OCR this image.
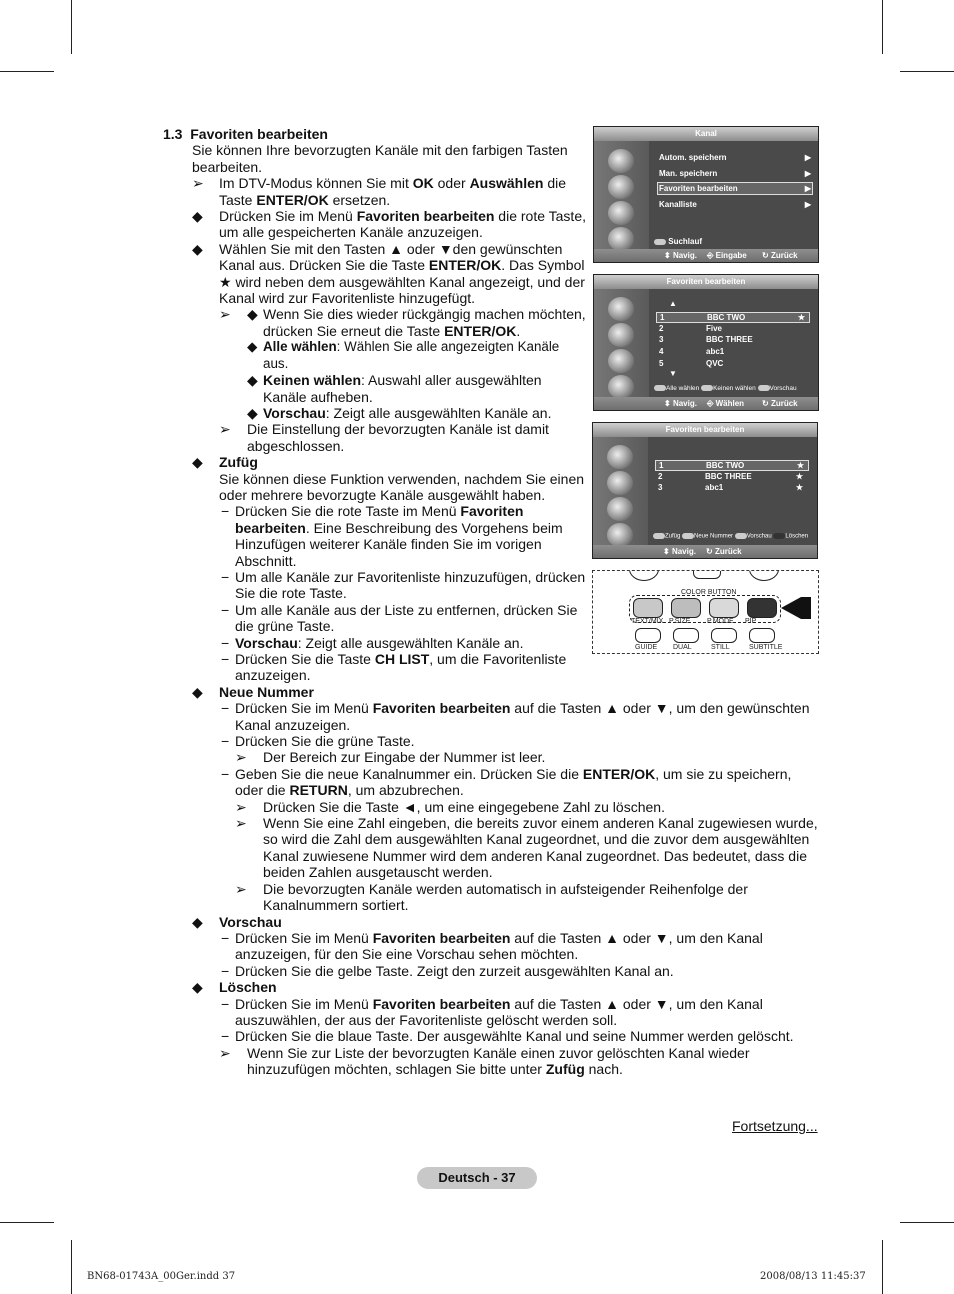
1.3 Favoriten bearbeiten

Sie können Ihre bevorzugten Kanäle mit den farbigen Tasten bearbeiten.

➢ Im DTV-Modus können Sie mit OK oder Auswählen die Taste ENTER/OK ersetzen.

◆ Drücken Sie im Menü Favoriten bearbeiten die rote Taste, um alle gespeicherten Kanäle anzuzeigen.

◆ Wählen Sie mit den Tasten ▲ oder ▼den gewünschten Kanal aus. Drücken Sie die Taste ENTER/OK. Das Symbol ★ wird neben dem ausgewählten Kanal angezeigt, und der Kanal wird zur Favoritenliste hinzugefügt.

➢ ◆ Wenn Sie dies wieder rückgängig machen möchten, drücken Sie erneut die Taste ENTER/OK.

◆ Alle wählen: Wählen Sie alle angezeigten Kanäle aus.

◆ Keinen wählen: Auswahl aller ausgewählten Kanäle aufheben.

◆ Vorschau: Zeigt alle ausgewählten Kanäle an.

➢ Die Einstellung der bevorzugten Kanäle ist damit abgeschlossen.

◆ Zufüg

Sie können diese Funktion verwenden, nachdem Sie einen oder mehrere bevorzugte Kanäle ausgewählt haben.

− Drücken Sie die rote Taste im Menü Favoriten bearbeiten. Eine Beschreibung des Vorgehens beim Hinzufügen weiterer Kanäle finden Sie im vorigen Abschnitt.

− Um alle Kanäle zur Favoritenliste hinzuzufügen, drücken Sie die rote Taste.

− Um alle Kanäle aus der Liste zu entfernen, drücken Sie die grüne Taste.

− Vorschau: Zeigt alle ausgewählten Kanäle an.

− Drücken Sie die Taste CH LIST, um die Favoritenliste anzuzeigen.

◆ Neue Nummer

− Drücken Sie im Menü Favoriten bearbeiten auf die Tasten ▲ oder ▼, um den gewünschten Kanal anzuzeigen.

− Drücken Sie die grüne Taste.

➢ Der Bereich zur Eingabe der Nummer ist leer.

− Geben Sie die neue Kanalnummer ein. Drücken Sie die ENTER/OK, um sie zu speichern, oder die RETURN, um abzubrechen.

➢ Drücken Sie die Taste ◄, um eine eingegebene Zahl zu löschen.

➢ Wenn Sie eine Zahl eingeben, die bereits zuvor einem anderen Kanal zugewiesen wurde, so wird die Zahl dem ausgewählten Kanal zugeordnet, und die zuvor dem ausgewählten Kanal zuwiesene Nummer wird dem anderen Kanal zugeordnet. Das bedeutet, dass die beiden Zahlen ausgetauscht werden.

➢ Die bevorzugten Kanäle werden automatisch in aufsteigender Reihenfolge der Kanalnummern sortiert.

◆ Vorschau

− Drücken Sie im Menü Favoriten bearbeiten auf die Tasten ▲ oder ▼, um den Kanal anzuzeigen, für den Sie eine Vorschau sehen möchten.

− Drücken Sie die gelbe Taste. Zeigt den zurzeit ausgewählten Kanal an.

◆ Löschen

− Drücken Sie im Menü Favoriten bearbeiten auf die Tasten ▲ oder ▼, um den Kanal auszuwählen, der aus der Favoritenliste gelöscht werden soll.

− Drücken Sie die blaue Taste. Der ausgewählte Kanal und seine Nummer werden gelöscht.

➢ Wenn Sie zur Liste der bevorzugten Kanäle einen zuvor gelöschten Kanal wieder hinzuzufügen möchten, schlagen Sie bitte unter Zufüg nach.

Kanal
Autom. speichern	▶
Man. speichern	▶
Favoriten bearbeiten	▶
Kanalliste	▶
Suchlauf
⬍ Navig. ⎆ Eingabe ↻ Zurück
Favoriten bearbeiten
▲
1	BBC TWO	★
2	Five
3	BBC THREE
4	abc1
5	QVC
▼
Alle wählen Keinen wählen Vorschau
⬍ Navig. ⎆ Wählen ↻ Zurück
Favoriten bearbeiten
1	BBC TWO	★
2	BBC THREE	★
3	abc1	★
Zufüg Neue Nummer Vorschau Löschen
⬍ Navig. ↻ Zurück
COLOR BUTTON
TEXT/MIX
GUIDE
P.SIZE
DUAL
P.MODE
STILL
PIP
SUBTITLE
Fortsetzung...
Deutsch - 37
BN68-01743A_00Ger.indd 37	2008/08/13 11:45:37
